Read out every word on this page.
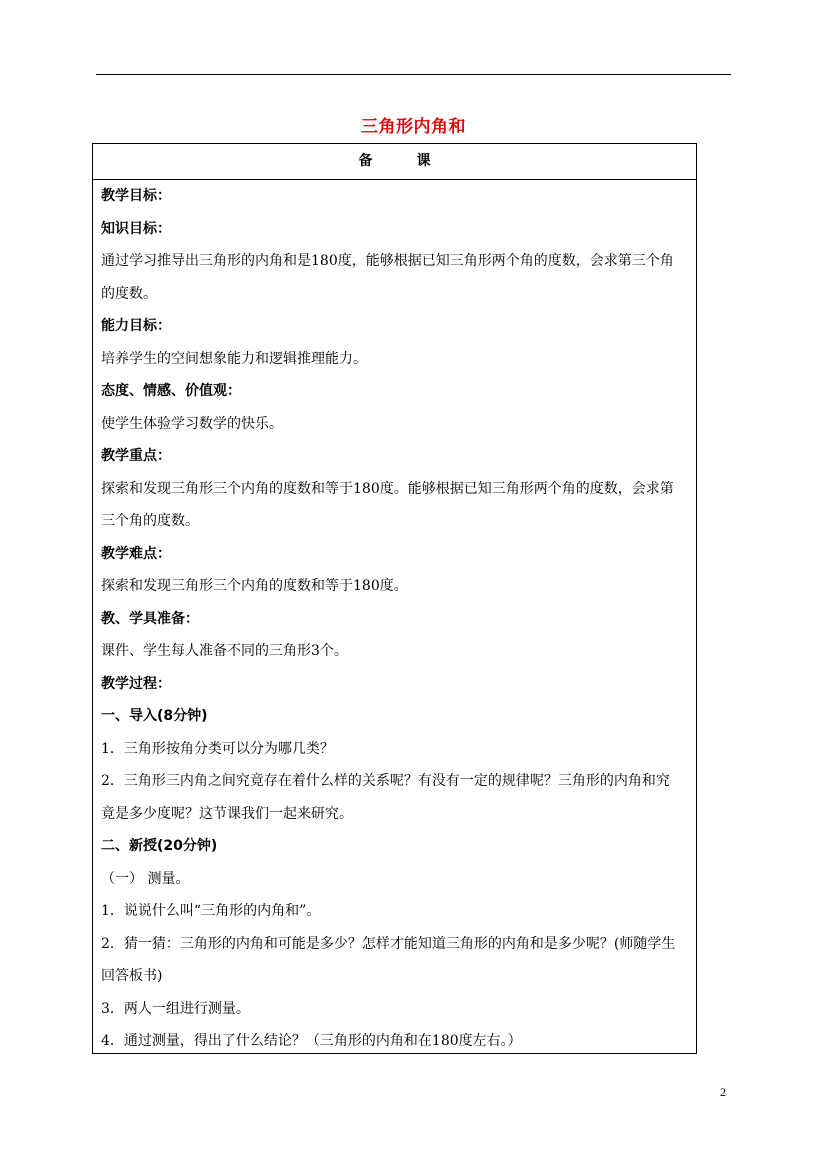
三角形内角和
备课
教学目标：
知识目标：
通过学习推导出三角形的内角和是180度，能够根据已知三角形两个角的度数，会求第三个角
的度数。
能力目标：
培养学生的空间想象能力和逻辑推理能力。
态度、情感、价值观：
使学生体验学习数学的快乐。
教学重点：
探索和发现三角形三个内角的度数和等于180度。能够根据已知三角形两个角的度数，会求第
三个角的度数。
教学难点：
探索和发现三角形三个内角的度数和等于180度。
教、学具准备：
课件、学生每人准备不同的三角形3个。
教学过程：
一、导入(8分钟)
1．三角形按角分类可以分为哪几类？
2．三角形三内角之间究竟存在着什么样的关系呢？有没有一定的规律呢？三角形的内角和究
竟是多少度呢？这节课我们一起来研究。
二、新授(20分钟)
（一） 测量。
1．说说什么叫“三角形的内角和”。
2．猜一猜：三角形的内角和可能是多少？怎样才能知道三角形的内角和是多少呢？(师随学生
回答板书)
3．两人一组进行测量。
4．通过测量，得出了什么结论？（三角形的内角和在180度左右。）
2
